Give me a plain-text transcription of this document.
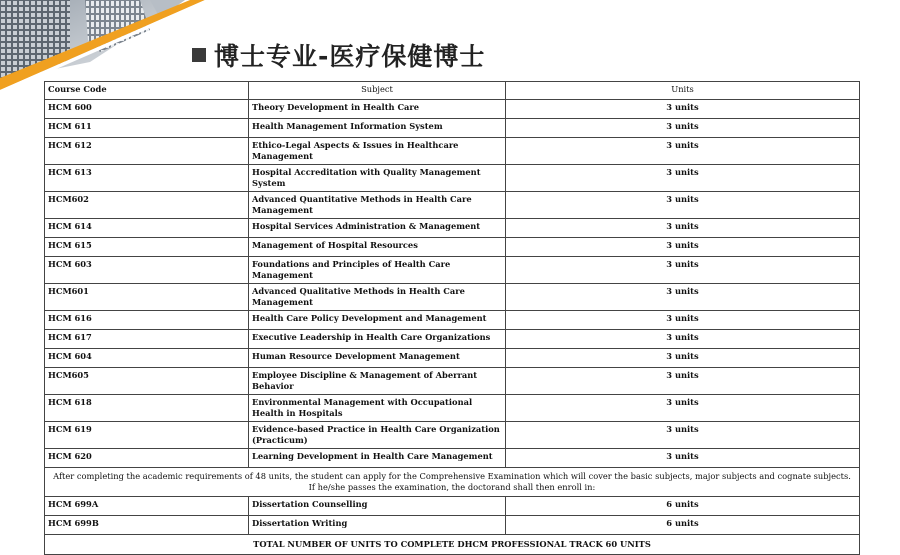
博士专业-医疗保健博士
Course Code	Subject	Units
HCM 600	Theory Development in Health Care	3 units
HCM 611	Health Management Information System	3 units
HCM 612	Ethico-Legal Aspects & Issues in Healthcare Management	3 units
HCM 613	Hospital Accreditation with Quality Management System	3 units
HCM602	Advanced Quantitative Methods in Health Care Management	3 units
HCM 614	Hospital Services Administration & Management	3 units
HCM 615	Management of Hospital Resources	3 units
HCM 603	Foundations and Principles of Health Care Management	3 units
HCM601	Advanced Qualitative Methods in Health Care Management	3 units
HCM 616	Health Care Policy Development and Management	3 units
HCM 617	Executive Leadership in Health Care Organizations	3 units
HCM 604	Human Resource Development Management	3 units
HCM605	Employee Discipline & Management of Aberrant Behavior	3 units
HCM 618	Environmental Management with Occupational Health in Hospitals	3 units
HCM 619	Evidence-based Practice in Health Care Organization (Practicum)	3 units
HCM 620	Learning Development in Health Care Management	3 units
After completing the academic requirements of 48 units, the student can apply for the Comprehensive Examination which will cover the basic subjects, major subjects and cognate subjects. If he/she passes the examination, the doctorand shall then enroll in:		
HCM 699A	Dissertation Counselling	6 units
HCM 699B	Dissertation Writing	6 units
TOTAL NUMBER OF UNITS TO COMPLETE DHCM PROFESSIONAL TRACK 60 UNITS		
